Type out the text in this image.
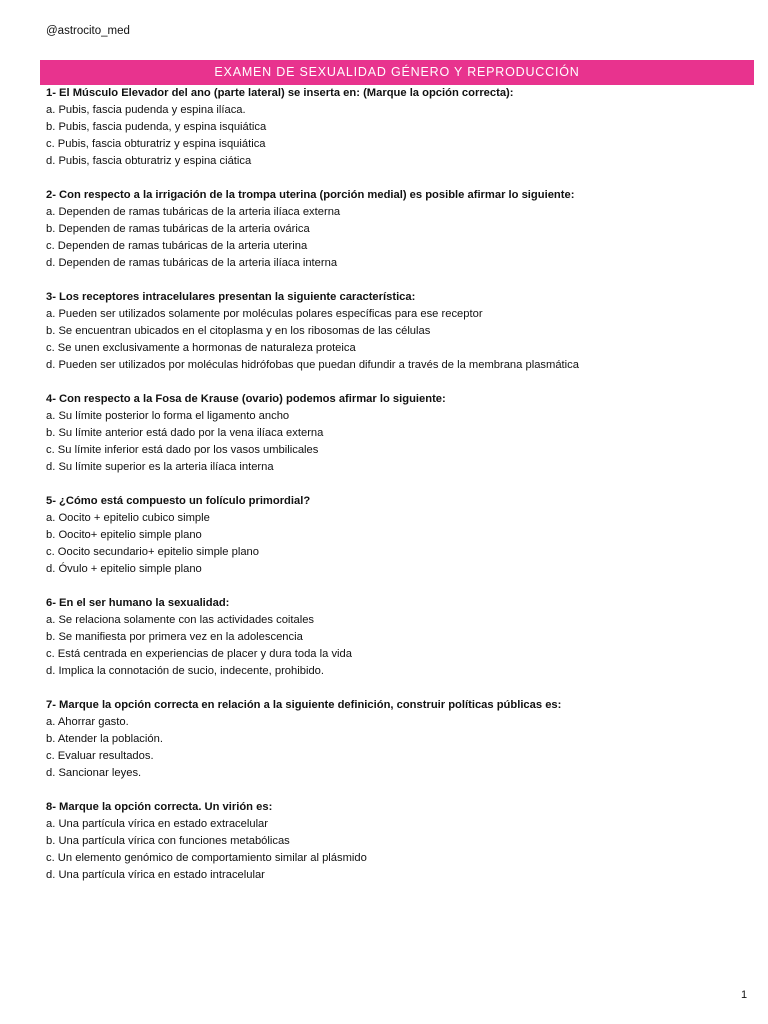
@astrocito_med
EXAMEN DE SEXUALIDAD GÉNERO Y REPRODUCCIÓN
1- El Músculo Elevador del ano (parte lateral) se inserta en: (Marque la opción correcta):
a. Pubis, fascia pudenda y espina ilíaca.
b. Pubis, fascia pudenda, y espina isquiática
c. Pubis, fascia obturatriz y espina isquiática
d. Pubis, fascia obturatriz y espina ciática
2- Con respecto a la irrigación de la trompa uterina (porción medial) es posible afirmar lo siguiente:
a. Dependen de ramas tubáricas de la arteria ilíaca externa
b. Dependen de ramas tubáricas de la arteria ovárica
c. Dependen de ramas tubáricas de la arteria uterina
d. Dependen de ramas tubáricas de la arteria ilíaca interna
3- Los receptores intracelulares presentan la siguiente característica:
a. Pueden ser utilizados solamente por moléculas polares específicas para ese receptor
b. Se encuentran ubicados en el citoplasma y en los ribosomas de las células
c. Se unen exclusivamente a hormonas de naturaleza proteica
d. Pueden ser utilizados por moléculas hidrófobas que puedan difundir a través de la membrana plasmática
4- Con respecto a la Fosa de Krause (ovario) podemos afirmar lo siguiente:
a. Su límite posterior lo forma el ligamento ancho
b. Su límite anterior está dado por la vena ilíaca externa
c. Su límite inferior está dado por los vasos umbilicales
d. Su límite superior es la arteria ilíaca interna
5- ¿Cómo está compuesto un folículo primordial?
a. Oocito + epitelio cubico simple
b. Oocito+ epitelio simple plano
c. Oocito secundario+ epitelio simple plano
d. Óvulo + epitelio simple plano
6- En el ser humano la sexualidad:
a. Se relaciona solamente con las actividades coitales
b. Se manifiesta por primera vez en la adolescencia
c. Está centrada en experiencias de placer y dura toda la vida
d. Implica la connotación de sucio, indecente, prohibido.
7- Marque la opción correcta en relación a la siguiente definición, construir políticas públicas es:
a. Ahorrar gasto.
b. Atender la población.
c. Evaluar resultados.
d. Sancionar leyes.
8- Marque la opción correcta. Un virión es:
a. Una partícula vírica en estado extracelular
b. Una partícula vírica con funciones metabólicas
c. Un elemento genómico de comportamiento similar al plásmido
d. Una partícula vírica en estado intracelular
1
